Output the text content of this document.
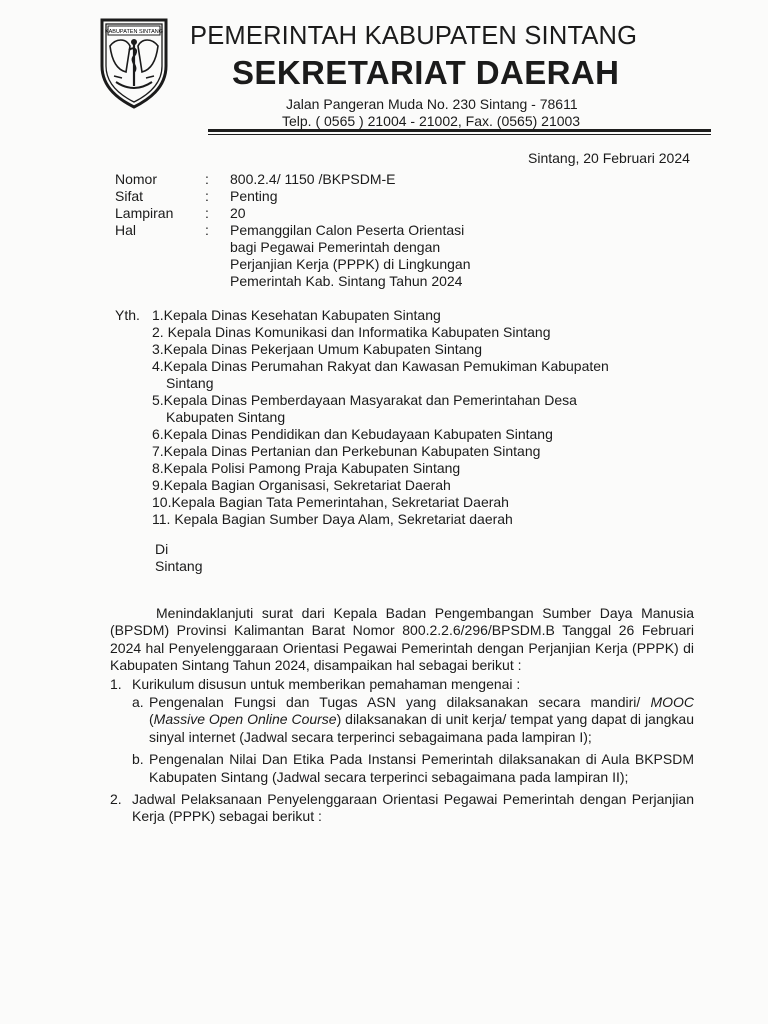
KABUPATEN SINTANG PEMERINTAH KABUPATEN SINTANG
SEKRETARIAT DAERAH
Jalan Pangeran Muda No. 230 Sintang - 78611
Telp. ( 0565 ) 21004 - 21002, Fax. (0565) 21003
Sintang, 20 Februari 2024
Nomor	:	800.2.4/ 1150 /BKPSDM-E
Sifat	:	Penting
Lampiran	:	20
Hal	:	Pemanggilan Calon Peserta Orientasi
bagi Pegawai Pemerintah dengan
Perjanjian Kerja (PPPK) di Lingkungan
Pemerintah Kab. Sintang Tahun 2024
Yth. 1.Kepala Dinas Kesehatan Kabupaten Sintang
2. Kepala Dinas Komunikasi dan Informatika Kabupaten Sintang
3.Kepala Dinas Pekerjaan Umum Kabupaten Sintang
4.Kepala Dinas Perumahan Rakyat dan Kawasan Pemukiman Kabupaten
Sintang
5.Kepala Dinas Pemberdayaan Masyarakat dan Pemerintahan Desa
Kabupaten Sintang
6.Kepala Dinas Pendidikan dan Kebudayaan Kabupaten Sintang
7.Kepala Dinas Pertanian dan Perkebunan Kabupaten Sintang
8.Kepala Polisi Pamong Praja Kabupaten Sintang
9.Kepala Bagian Organisasi, Sekretariat Daerah
10.Kepala Bagian Tata Pemerintahan, Sekretariat Daerah
11. Kepala Bagian Sumber Daya Alam, Sekretariat daerah
Di
Sintang

Menindaklanjuti surat dari Kepala Badan Pengembangan Sumber Daya Manusia (BPSDM) Provinsi Kalimantan Barat Nomor 800.2.2.6/296/BPSDM.B Tanggal 26 Februari 2024 hal Penyelenggaraan Orientasi Pegawai Pemerintah dengan Perjanjian Kerja (PPPK) di Kabupaten Sintang Tahun 2024, disampaikan hal sebagai berikut :

1. Kurikulum disusun untuk memberikan pemahaman mengenai :
a. Pengenalan Fungsi dan Tugas ASN yang dilaksanakan secara mandiri/ MOOC (Massive Open Online Course) dilaksanakan di unit kerja/ tempat yang dapat di jangkau sinyal internet (Jadwal secara terperinci sebagaimana pada lampiran I);
b. Pengenalan Nilai Dan Etika Pada Instansi Pemerintah dilaksanakan di Aula BKPSDM Kabupaten Sintang (Jadwal secara terperinci sebagaimana pada lampiran II);
2. Jadwal Pelaksanaan Penyelenggaraan Orientasi Pegawai Pemerintah dengan Perjanjian Kerja (PPPK) sebagai berikut :
